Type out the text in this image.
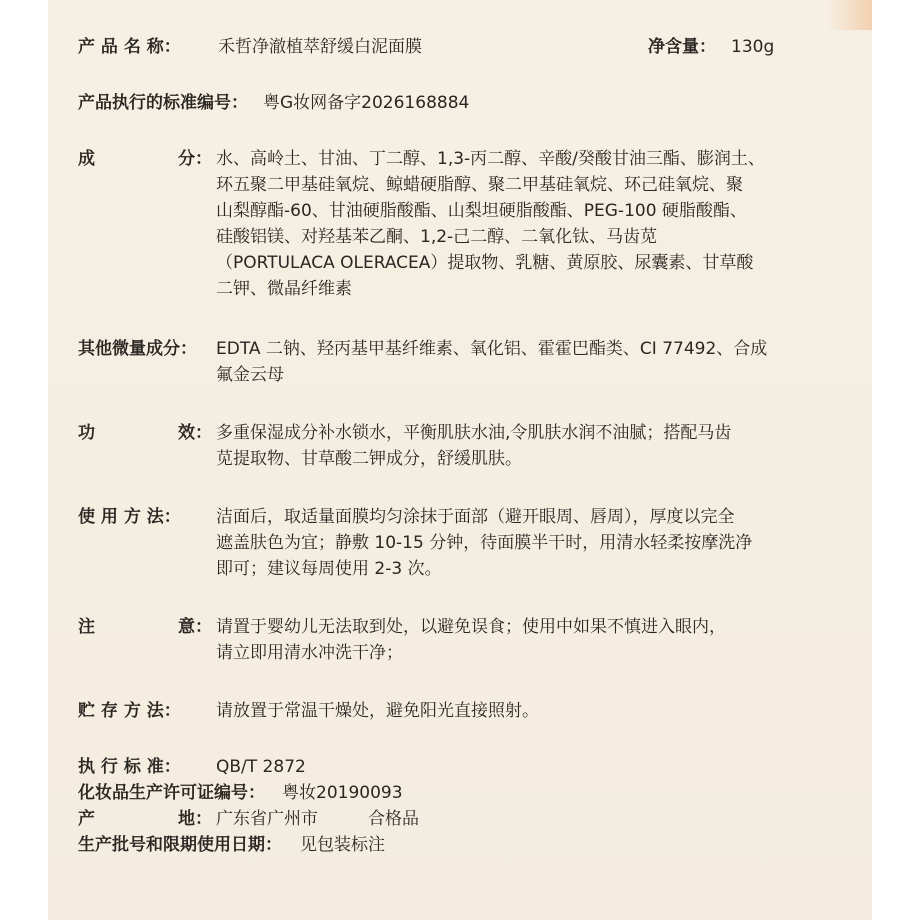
产 品 名 称： 禾哲净澈植萃舒缓白泥面膜	净含量： 130g
产品执行的标准编号： 粤G妆网备字2026168884
成	分： 水、高岭土、甘油、丁二醇、1,3-丙二醇、辛酸/癸酸甘油三酯、膨润土、
环五聚二甲基硅氧烷、鲸蜡硬脂醇、聚二甲基硅氧烷、环己硅氧烷、聚
山梨醇酯-60、甘油硬脂酸酯、山梨坦硬脂酸酯、PEG-100 硬脂酸酯、
硅酸铝镁、对羟基苯乙酮、1,2-己二醇、二氧化钛、马齿苋
（PORTULACA OLERACEA）提取物、乳糖、黄原胶、尿囊素、甘草酸
二钾、微晶纤维素
其他微量成分： EDTA 二钠、羟丙基甲基纤维素、氧化铝、霍霍巴酯类、CI 77492、合成
氟金云母
功	效： 多重保湿成分补水锁水，平衡肌肤水油,令肌肤水润不油腻；搭配马齿
苋提取物、甘草酸二钾成分，舒缓肌肤。
使 用 方 法： 洁面后，取适量面膜均匀涂抹于面部（避开眼周、唇周），厚度以完全
遮盖肤色为宜；静敷 10-15 分钟，待面膜半干时，用清水轻柔按摩洗净
即可；建议每周使用 2-3 次。
注	意： 请置于婴幼儿无法取到处，以避免误食；使用中如果不慎进入眼内，
请立即用清水冲洗干净；
贮 存 方 法： 请放置于常温干燥处，避免阳光直接照射。
执 行 标 准： QB/T 2872
化妆品生产许可证编号： 粤妆20190093
产	地： 广东省广州市	合格品
生产批号和限期使用日期： 见包装标注
